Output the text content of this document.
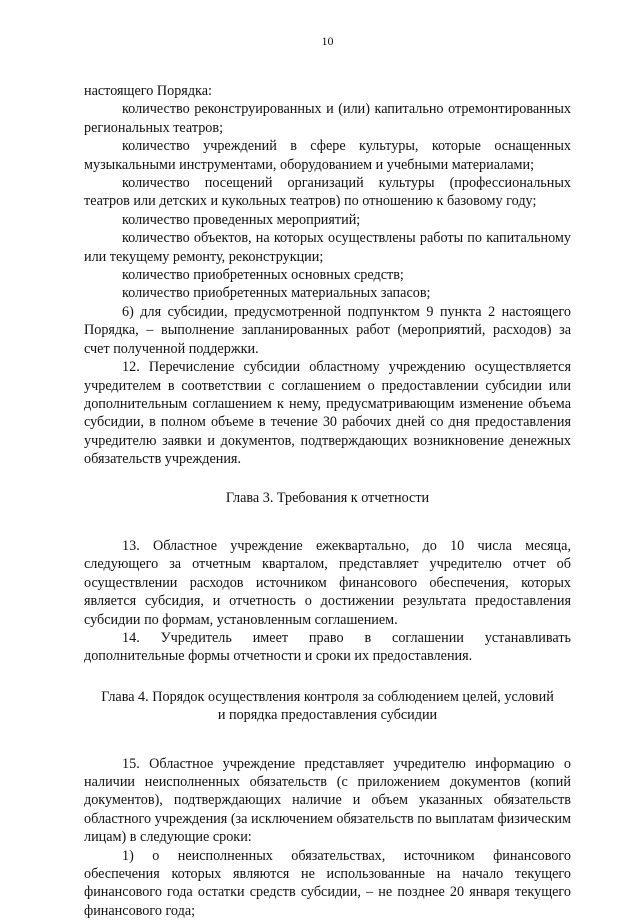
10

настоящего Порядка:

количество реконструированных и (или) капитально отремонтированных региональных театров;

количество учреждений в сфере культуры, которые оснащенных музыкальными инструментами, оборудованием и учебными материалами;

количество посещений организаций культуры (профессиональных театров или детских и кукольных театров) по отношению к базовому году;

количество проведенных мероприятий;

количество объектов, на которых осуществлены работы по капитальному или текущему ремонту, реконструкции;

количество приобретенных основных средств;

количество приобретенных материальных запасов;

6) для субсидии, предусмотренной подпунктом 9 пункта 2 настоящего Порядка, – выполнение запланированных работ (мероприятий, расходов) за счет полученной поддержки.

12. Перечисление субсидии областному учреждению осуществляется учредителем в соответствии с соглашением о предоставлении субсидии или дополнительным соглашением к нему, предусматривающим изменение объема субсидии, в полном объеме в течение 30 рабочих дней со дня предоставления учредителю заявки и документов, подтверждающих возникновение денежных обязательств учреждения.

Глава 3. Требования к отчетности

13. Областное учреждение ежеквартально, до 10 числа месяца, следующего за отчетным кварталом, представляет учредителю отчет об осуществлении расходов источником финансового обеспечения, которых является субсидия, и отчетность о достижении результата предоставления субсидии по формам, установленным соглашением.

14. Учредитель имеет право в соглашении устанавливать дополнительные формы отчетности и сроки их предоставления.

Глава 4. Порядок осуществления контроля за соблюдением целей, условий

и порядка предоставления субсидии

15. Областное учреждение представляет учредителю информацию о наличии неисполненных обязательств (с приложением документов (копий документов), подтверждающих наличие и объем указанных обязательств областного учреждения (за исключением обязательств по выплатам физическим лицам) в следующие сроки:

1) о неисполненных обязательствах, источником финансового обеспечения которых являются не использованные на начало текущего финансового года остатки средств субсидии, – не позднее 20 января текущего финансового года;
